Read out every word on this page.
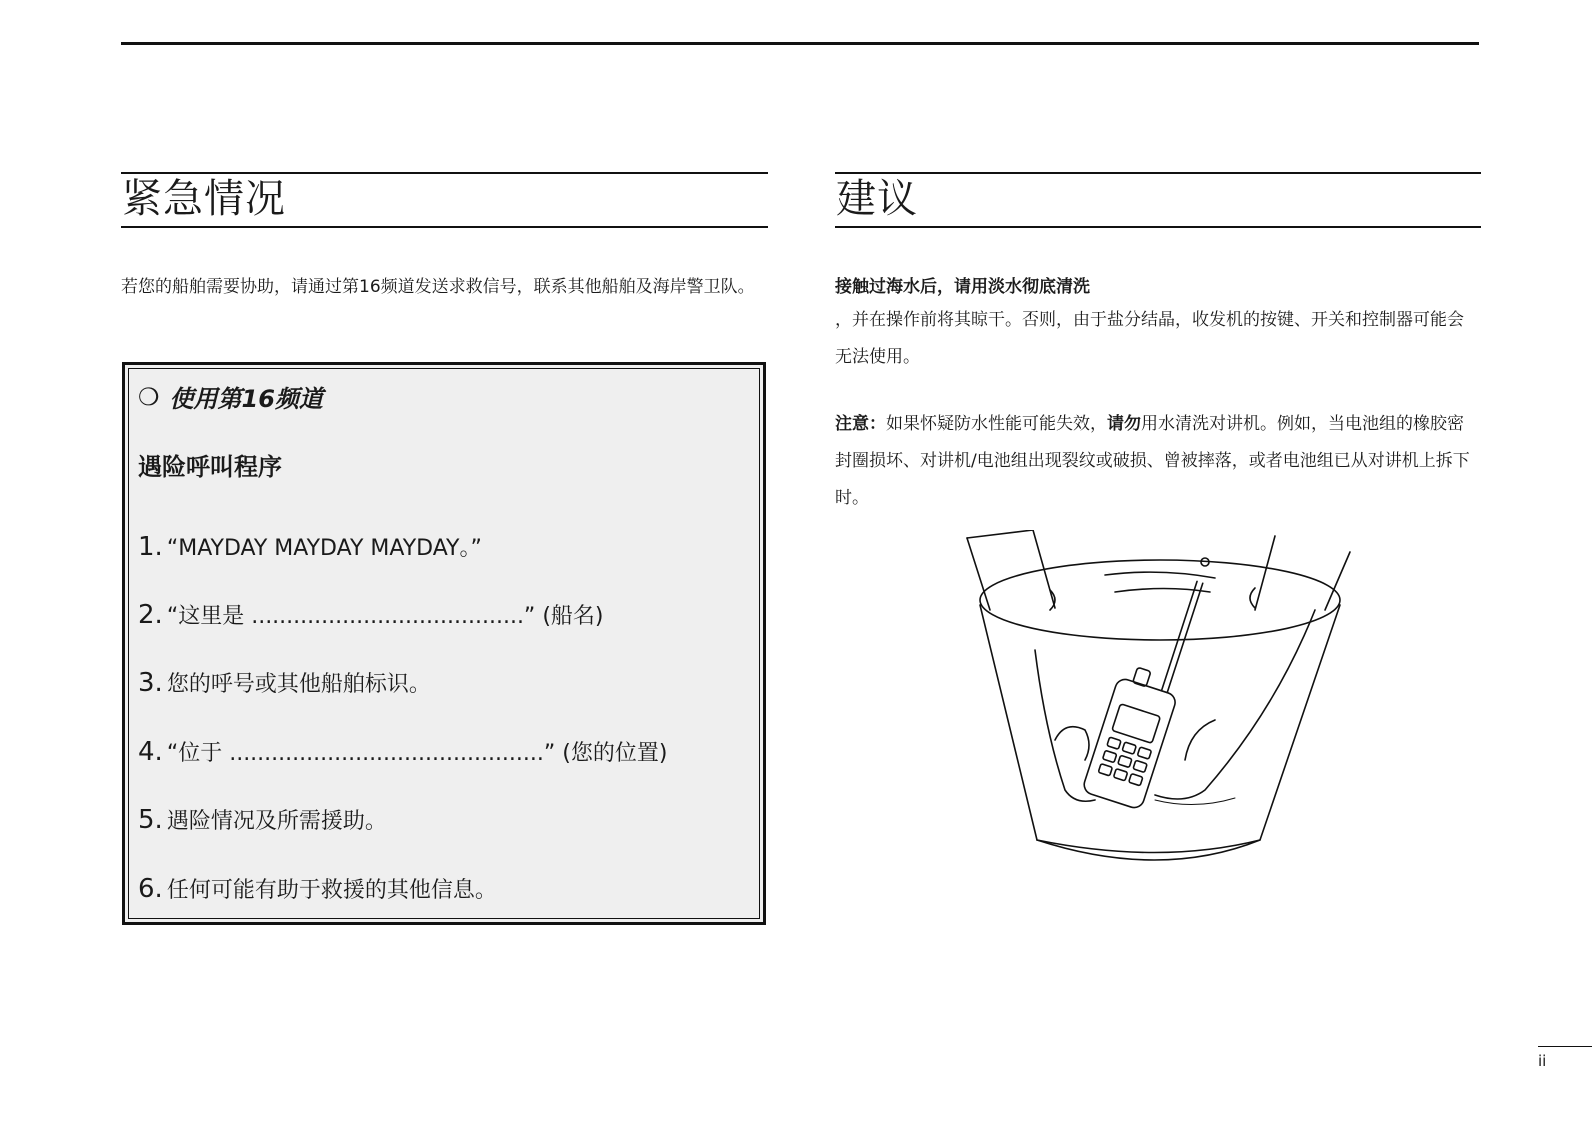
紧急情况
若您的船舶需要协助，请通过第16频道发送求救信号，联系其他船舶及海岸警卫队。
❍ 使用第16频道
遇险呼叫程序
1. “MAYDAY MAYDAY MAYDAY。”
2. “这里是 .......................................” (船名)
3. 您的呼号或其他船舶标识。
4. “位于 .............................................” (您的位置)
5. 遇险情况及所需援助。
6. 任何可能有助于救援的其他信息。
建议
接触过海水后，请用淡水彻底清洗
，并在操作前将其晾干。否则，由于盐分结晶，收发机的按键、开关和控制器可能会无法使用。
注意：如果怀疑防水性能可能失效，请勿用水清洗对讲机。例如，当电池组的橡胶密封圈损坏、对讲机/电池组出现裂纹或破损、曾被摔落，或者电池组已从对讲机上拆下时。
ii
